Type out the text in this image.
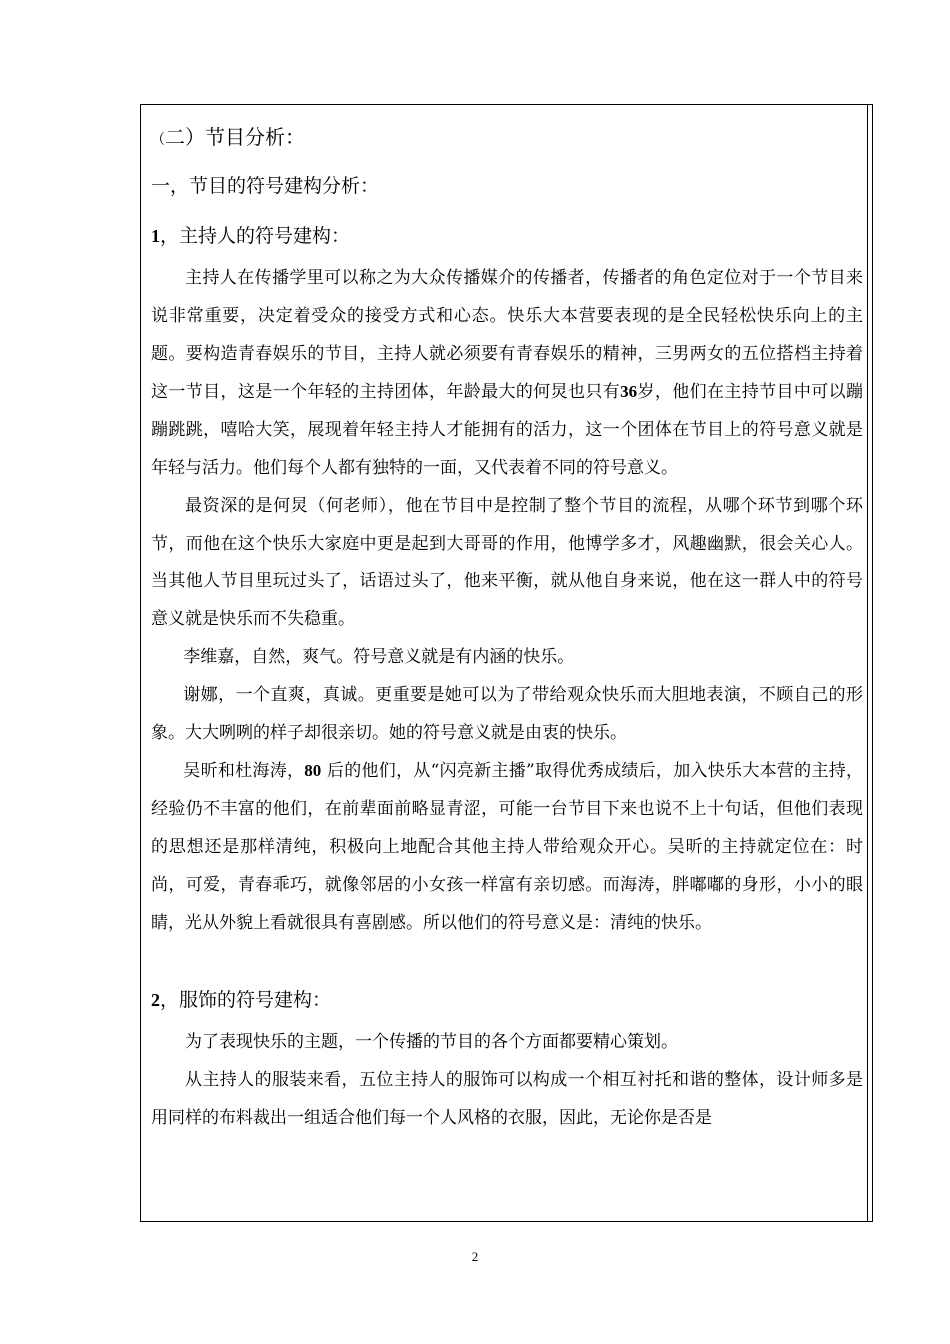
（二）节目分析：
一，节目的符号建构分析：
1，主持人的符号建构：

主持人在传播学里可以称之为大众传播媒介的传播者，传播者的角色定位对于一个节目来说非常重要，决定着受众的接受方式和心态。快乐大本营要表现的是全民轻松快乐向上的主题。要构造青春娱乐的节目，主持人就必须要有青春娱乐的精神，三男两女的五位搭档主持着这一节目，这是一个年轻的主持团体，年龄最大的何炅也只有36岁，他们在主持节目中可以蹦蹦跳跳，嘻哈大笑，展现着年轻主持人才能拥有的活力，这一个团体在节目上的符号意义就是年轻与活力。他们每个人都有独特的一面，又代表着不同的符号意义。

最资深的是何炅（何老师），他在节目中是控制了整个节目的流程，从哪个环节到哪个环节，而他在这个快乐大家庭中更是起到大哥哥的作用，他博学多才，风趣幽默，很会关心人。当其他人节目里玩过头了，话语过头了，他来平衡，就从他自身来说，他在这一群人中的符号意义就是快乐而不失稳重。

李维嘉，自然，爽气。符号意义就是有内涵的快乐。

谢娜，一个直爽，真诚。更重要是她可以为了带给观众快乐而大胆地表演，不顾自己的形象。大大咧咧的样子却很亲切。她的符号意义就是由衷的快乐。

吴昕和杜海涛，80 后的他们，从“闪亮新主播”取得优秀成绩后，加入快乐大本营的主持，经验仍不丰富的他们，在前辈面前略显青涩，可能一台节目下来也说不上十句话，但他们表现的思想还是那样清纯，积极向上地配合其他主持人带给观众开心。吴昕的主持就定位在：时尚，可爱，青春乖巧，就像邻居的小女孩一样富有亲切感。而海涛，胖嘟嘟的身形，小小的眼睛，光从外貌上看就很具有喜剧感。所以他们的符号意义是：清纯的快乐。

2，服饰的符号建构：

为了表现快乐的主题，一个传播的节目的各个方面都要精心策划。

从主持人的服装来看，五位主持人的服饰可以构成一个相互衬托和谐的整体，设计师多是用同样的布料裁出一组适合他们每一个人风格的衣服，因此，无论你是否是

2
